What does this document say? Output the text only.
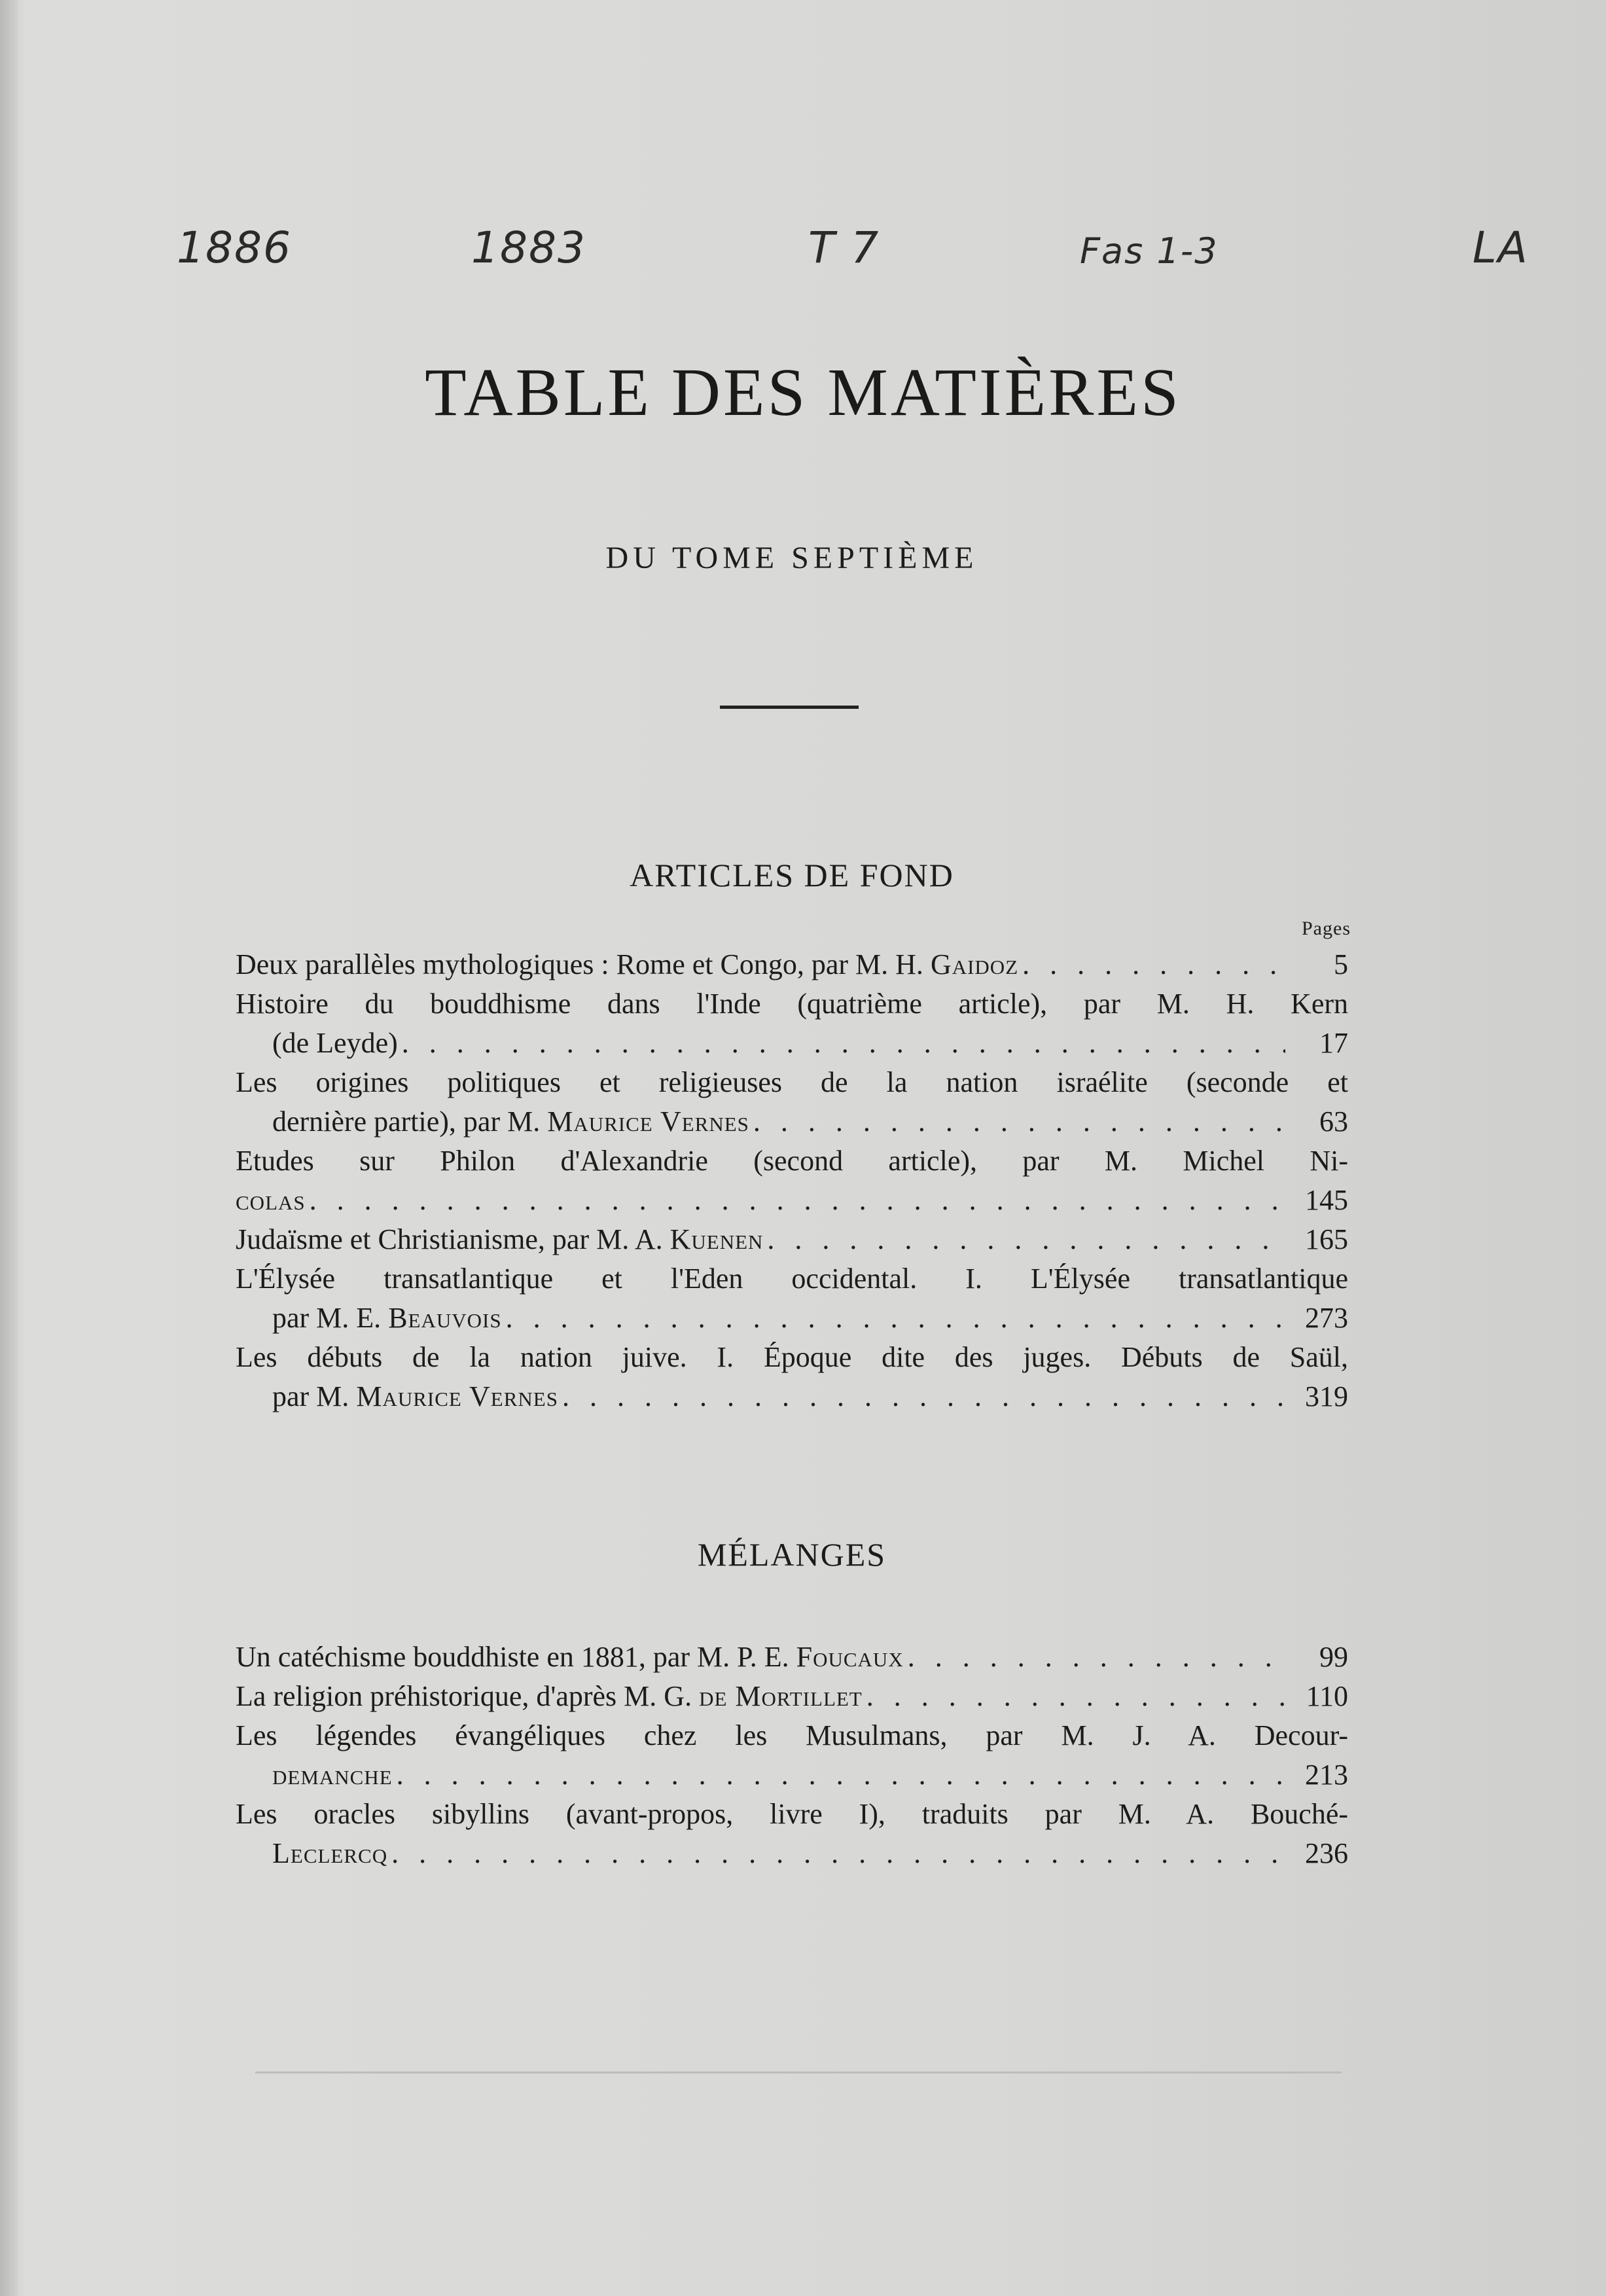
1886	1883	T 7	Fas 1-3	LA

TABLE DES MATIÈRES
DU TOME SEPTIÈME
ARTICLES DE FOND
Pages
Deux parallèles mythologiques : Rome et Congo, par M. H. Gaidoz . . .	5
Histoire du bouddhisme dans l'Inde (quatrième article), par M. H. Kern
(de Leyde) . . .	17
Les origines politiques et religieuses de la nation israélite (seconde et
dernière partie), par M. Maurice Vernes . . .	63
Etudes sur Philon d'Alexandrie (second article), par M. Michel Ni-
colas . . .	145
Judaïsme et Christianisme, par M. A. Kuenen . . .	165
L'Élysée transatlantique et l'Eden occidental. I. L'Élysée transatlantique
par M. E. Beauvois . . .	273
Les débuts de la nation juive. I. Époque dite des juges. Débuts de Saül,
par M. Maurice Vernes . . .	319
MÉLANGES
Un catéchisme bouddhiste en 1881, par M. P. E. Foucaux . . .	99
La religion préhistorique, d'après M. G. de Mortillet . . .	110
Les légendes évangéliques chez les Musulmans, par M. J. A. Decour-
demanche . . .	213
Les oracles sibyllins (avant-propos, livre I), traduits par M. A. Bouché-
Leclercq . . .	236
